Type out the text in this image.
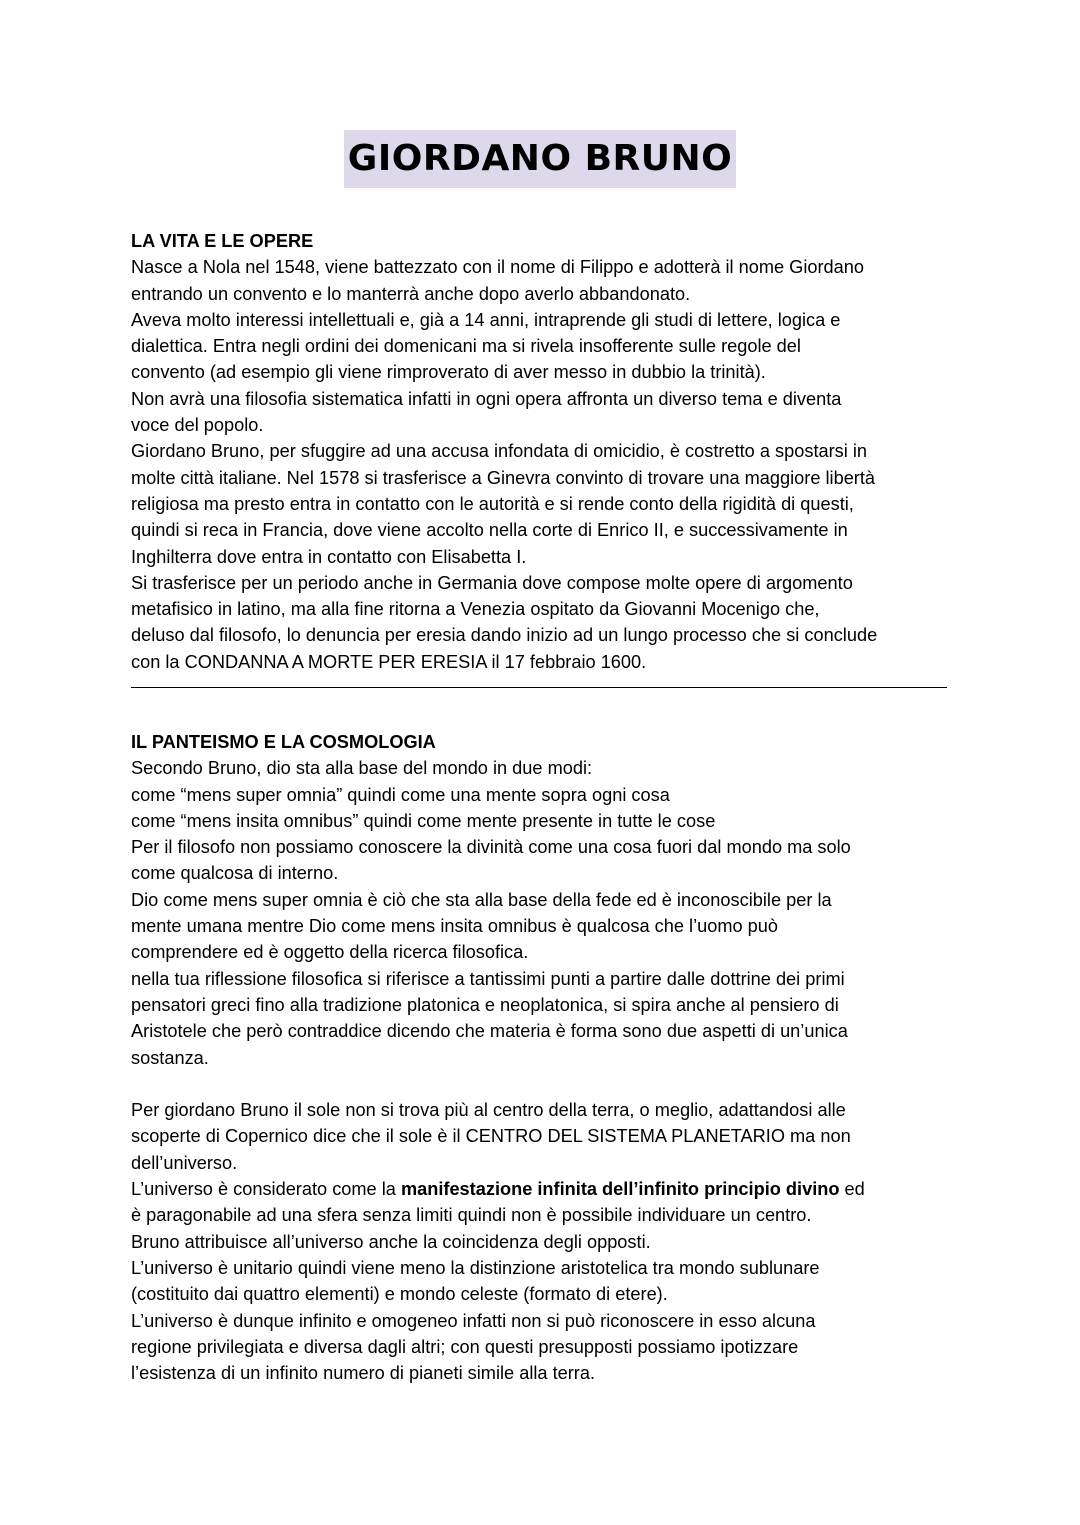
GIORDANO BRUNO

LA VITA E LE OPERE

Nasce a Nola nel 1548, viene battezzato con il nome di Filippo e adotterà il nome Giordano

entrando un convento e lo manterrà anche dopo averlo abbandonato.

Aveva molto interessi intellettuali e, già a 14 anni, intraprende gli studi di lettere, logica e

dialettica. Entra negli ordini dei domenicani ma si rivela insofferente sulle regole del

convento (ad esempio gli viene rimproverato di aver messo in dubbio la trinità).

Non avrà una filosofia sistematica infatti in ogni opera affronta un diverso tema e diventa

voce del popolo.

Giordano Bruno, per sfuggire ad una accusa infondata di omicidio, è costretto a spostarsi in

molte città italiane. Nel 1578 si trasferisce a Ginevra convinto di trovare una maggiore libertà

religiosa ma presto entra in contatto con le autorità e si rende conto della rigidità di questi,

quindi si reca in Francia, dove viene accolto nella corte di Enrico II, e successivamente in

Inghilterra dove entra in contatto con Elisabetta I.

Si trasferisce per un periodo anche in Germania dove compose molte opere di argomento

metafisico in latino, ma alla fine ritorna a Venezia ospitato da Giovanni Mocenigo che,

deluso dal filosofo, lo denuncia per eresia dando inizio ad un lungo processo che si conclude

con la CONDANNA A MORTE PER ERESIA il 17 febbraio 1600.

IL PANTEISMO E LA COSMOLOGIA

Secondo Bruno, dio sta alla base del mondo in due modi:

come “mens super omnia” quindi come una mente sopra ogni cosa

come “mens insita omnibus” quindi come mente presente in tutte le cose

Per il filosofo non possiamo conoscere la divinità come una cosa fuori dal mondo ma solo

come qualcosa di interno.

Dio come mens super omnia è ciò che sta alla base della fede ed è inconoscibile per la

mente umana mentre Dio come mens insita omnibus è qualcosa che l’uomo può

comprendere ed è oggetto della ricerca filosofica.

nella tua riflessione filosofica si riferisce a tantissimi punti a partire dalle dottrine dei primi

pensatori greci fino alla tradizione platonica e neoplatonica, si spira anche al pensiero di

Aristotele che però contraddice dicendo che materia è forma sono due aspetti di un’unica

sostanza.

Per giordano Bruno il sole non si trova più al centro della terra, o meglio, adattandosi alle

scoperte di Copernico dice che il sole è il CENTRO DEL SISTEMA PLANETARIO ma non

dell’universo.

L’universo è considerato come la manifestazione infinita dell’infinito principio divino ed

è paragonabile ad una sfera senza limiti quindi non è possibile individuare un centro.

Bruno attribuisce all’universo anche la coincidenza degli opposti.

L’universo è unitario quindi viene meno la distinzione aristotelica tra mondo sublunare

(costituito dai quattro elementi) e mondo celeste (formato di etere).

L’universo è dunque infinito e omogeneo infatti non si può riconoscere in esso alcuna

regione privilegiata e diversa dagli altri; con questi presupposti possiamo ipotizzare

l’esistenza di un infinito numero di pianeti simile alla terra.
